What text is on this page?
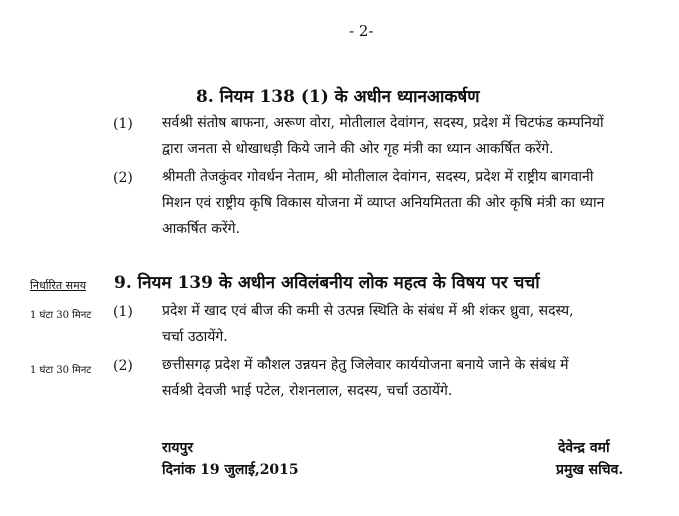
- 2-
8. नियम 138 (1) के अधीन ध्यानआकर्षण
(1) सर्वश्री संतोष बाफना, अरूण वोरा, मोतीलाल देवांगन, सदस्य, प्रदेश में चिटफंड कम्पनियों
द्वारा जनता से धोखाधड़ी किये जाने की ओर गृह मंत्री का ध्यान आकर्षित करेंगे.
(2) श्रीमती तेजकुंवर गोवर्धन नेताम, श्री मोतीलाल देवांगन, सदस्य, प्रदेश में राष्ट्रीय बागवानी
मिशन एवं राष्ट्रीय कृषि विकास योजना में व्याप्त अनियमितता की ओर कृषि मंत्री का ध्यान
आकर्षित करेंगे.
निर्धारित समय 9. नियम 139 के अधीन अविलंबनीय लोक महत्व के विषय पर चर्चा
1 घंटा 30 मिनट (1) प्रदेश में खाद एवं बीज की कमी से उत्पन्न स्थिति के संबंध में श्री शंकर ध्रुवा, सदस्य,
चर्चा उठायेंगे.
1 घंटा 30 मिनट (2) छत्तीसगढ़ प्रदेश में कौशल उन्नयन हेतु जिलेवार कार्ययोजना बनाये जाने के संबंध में
सर्वश्री देवजी भाई पटेल, रोशनलाल, सदस्य, चर्चा उठायेंगे.
रायपुर
दिनांक 19 जुलाई,2015
देवेन्द्र वर्मा
प्रमुख सचिव.
